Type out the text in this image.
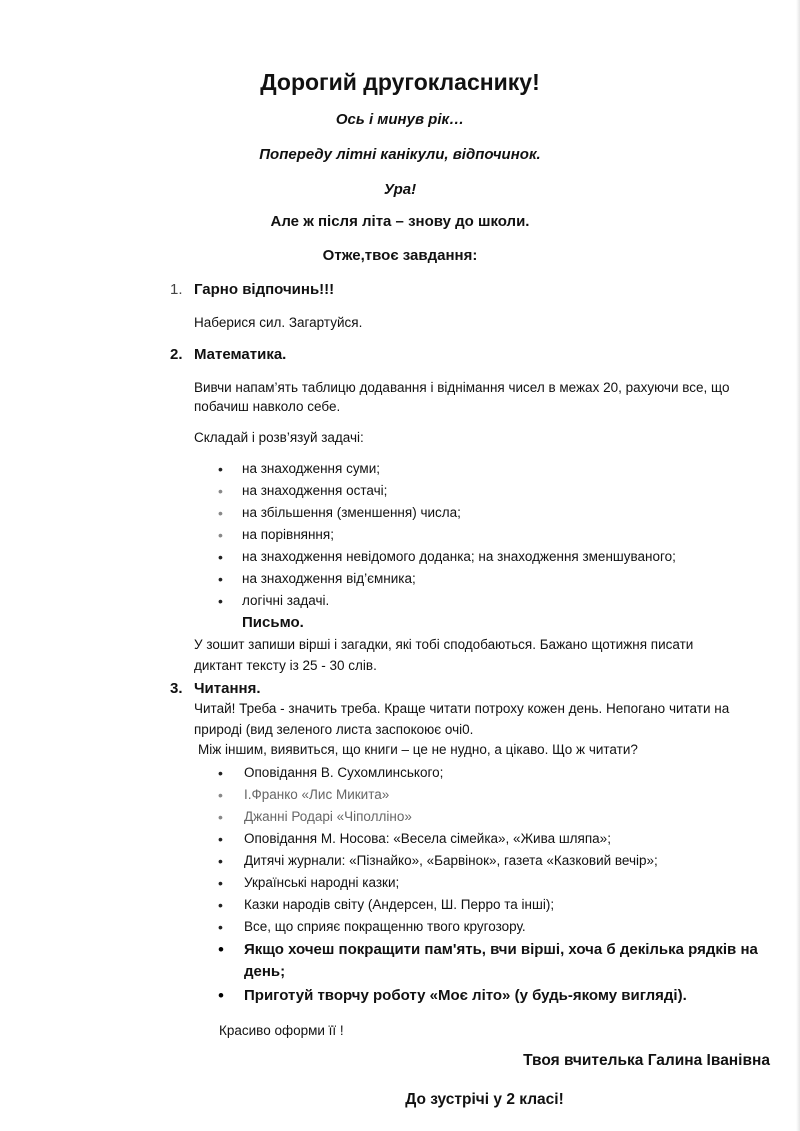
Дорогий другокласнику!
Ось і минув рік…
Попереду літні канікули, відпочинок.
Ура!
Але ж після літа – знову до школи.
Отже,твоє завдання:
1. Гарно відпочинь!!!
Наберися сил. Загартуйся.
2. Математика.
Вивчи напам’ять таблицю додавання і віднімання чисел в межах 20, рахуючи все, що
побачиш навколо себе.
Складай і розв’язуй задачі:
• на знаходження суми;
• на знаходження остачі;
• на збільшення (зменшення) числа;
• на порівняння;
• на знаходження невідомого доданка; на знаходження зменшуваного;
• на знаходження від’ємника;
• логічні задачі.
Письмо.
У зошит запиши вірші і загадки, які тобі сподобаються. Бажано щотижня писати
диктант тексту із 25 - 30 слів.
3. Читання.
Читай! Треба - значить треба. Краще читати потроху кожен день. Непогано читати на
природі (вид зеленого листа заспокоює очі0.
Між іншим, виявиться, що книги – це не нудно, а цікаво. Що ж читати?
• Оповідання В. Сухомлинського;
• І.Франко «Лис Микита»
• Джанні Родарі «Чіполліно»
• Оповідання М. Носова: «Весела сімейка», «Жива шляпа»;
• Дитячі журнали: «Пізнайко», «Барвінок», газета «Казковий вечір»;
• Українські народні казки;
• Казки народів світу (Андерсен, Ш. Перро та інші);
• Все, що сприяє покращенню твого кругозору.
• Якщо хочеш покращити пам'ять, вчи вірші, хоча б декілька рядків на
день;
• Приготуй творчу роботу «Моє літо» (у будь-якому вигляді).
Красиво оформи її !
Твоя вчителька Галина Іванівна
До зустрічі у 2 класі!
